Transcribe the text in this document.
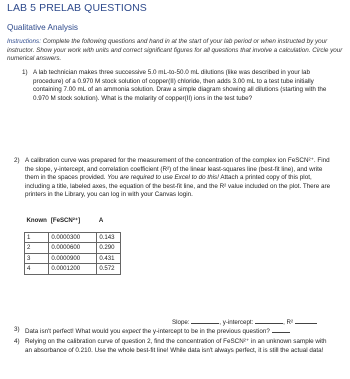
LAB 5 PRELAB QUESTIONS
Qualitative Analysis
Instructions: Complete the following questions and hand in at the start of your lab period or when instructed by your instructor. Show your work with units and correct significant figures for all questions that involve a calculation. Circle your numerical answers.
1) A lab technician makes three successive 5.0 mL-to-50.0 mL dilutions (like was described in your lab procedure) of a 0.970 M stock solution of copper(II) chloride, then adds 3.00 mL to a test tube initially containing 7.00 mL of an ammonia solution. Draw a simple diagram showing all dilutions (starting with the 0.970 M stock solution). What is the molarity of copper(II) ions in the test tube?
2) A calibration curve was prepared for the measurement of the concentration of the complex ion FeSCN²⁺. Find the slope, y-intercept, and correlation coefficient (R²) of the linear least-squares line (best-fit line), and write them in the spaces provided. You are required to use Excel to do this! Attach a printed copy of this plot, including a title, labeled axes, the equation of the best-fit line, and the R² value included on the plot. There are printers in the Library, you can log in with your Canvas login.
Known	[FeSCN²⁺]	A

1	0.0000300	0.143
2	0.0000600	0.290
3	0.0000900	0.431
4	0.0001200	0.572
Slope:	, y-intercept:	, R²
3) Data isn't perfect! What would you expect the y-intercept to be in the previous question?
4) Relying on the calibration curve of question 2, find the concentration of FeSCN²⁺ in an unknown sample with an absorbance of 0.210. Use the whole best-fit line! While data isn't always perfect, it is still the actual data!
